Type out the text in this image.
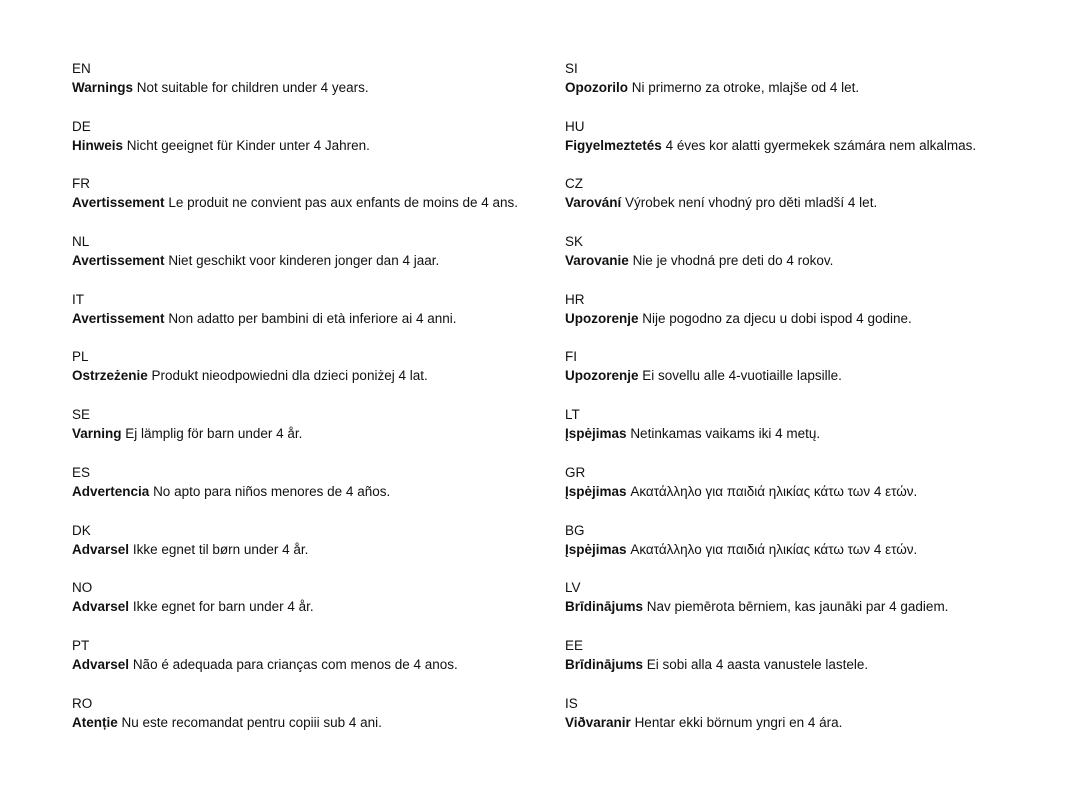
EN
Warnings Not suitable for children under 4 years.
DE
Hinweis Nicht geeignet für Kinder unter 4 Jahren.
FR
Avertissement Le produit ne convient pas aux enfants de moins de 4 ans.
NL
Avertissement Niet geschikt voor kinderen jonger dan 4 jaar.
IT
Avertissement Non adatto per bambini di età inferiore ai 4 anni.
PL
Ostrzeżenie Produkt nieodpowiedni dla dzieci poniżej 4 lat.
SE
Varning Ej lämplig för barn under 4 år.
ES
Advertencia No apto para niños menores de 4 años.
DK
Advarsel Ikke egnet til børn under 4 år.
NO
Advarsel Ikke egnet for barn under 4 år.
PT
Advarsel Não é adequada para crianças com menos de 4 anos.
RO
Atenție Nu este recomandat pentru copiii sub 4 ani.
SI
Opozorilo Ni primerno za otroke, mlajše od 4 let.
HU
Figyelmeztetés 4 éves kor alatti gyermekek számára nem alkalmas.
CZ
Varování Výrobek není vhodný pro děti mladší 4 let.
SK
Varovanie Nie je vhodná pre deti do 4 rokov.
HR
Upozorenje Nije pogodno za djecu u dobi ispod 4 godine.
FI
Upozorenje Ei sovellu alle 4-vuotiaille lapsille.
LT
Įspėjimas Netinkamas vaikams iki 4 metų.
GR
Įspėjimas Ακατάλληλο για παιδιά ηλικίας κάτω των 4 ετών.
BG
Įspėjimas Ακατάλληλο για παιδιά ηλικίας κάτω των 4 ετών.
LV
Brīdinājums Nav piemērota bērniem, kas jaunāki par 4 gadiem.
EE
Brīdinājums Ei sobi alla 4 aasta vanustele lastele.
IS
Viðvaranir Hentar ekki börnum yngri en 4 ára.
